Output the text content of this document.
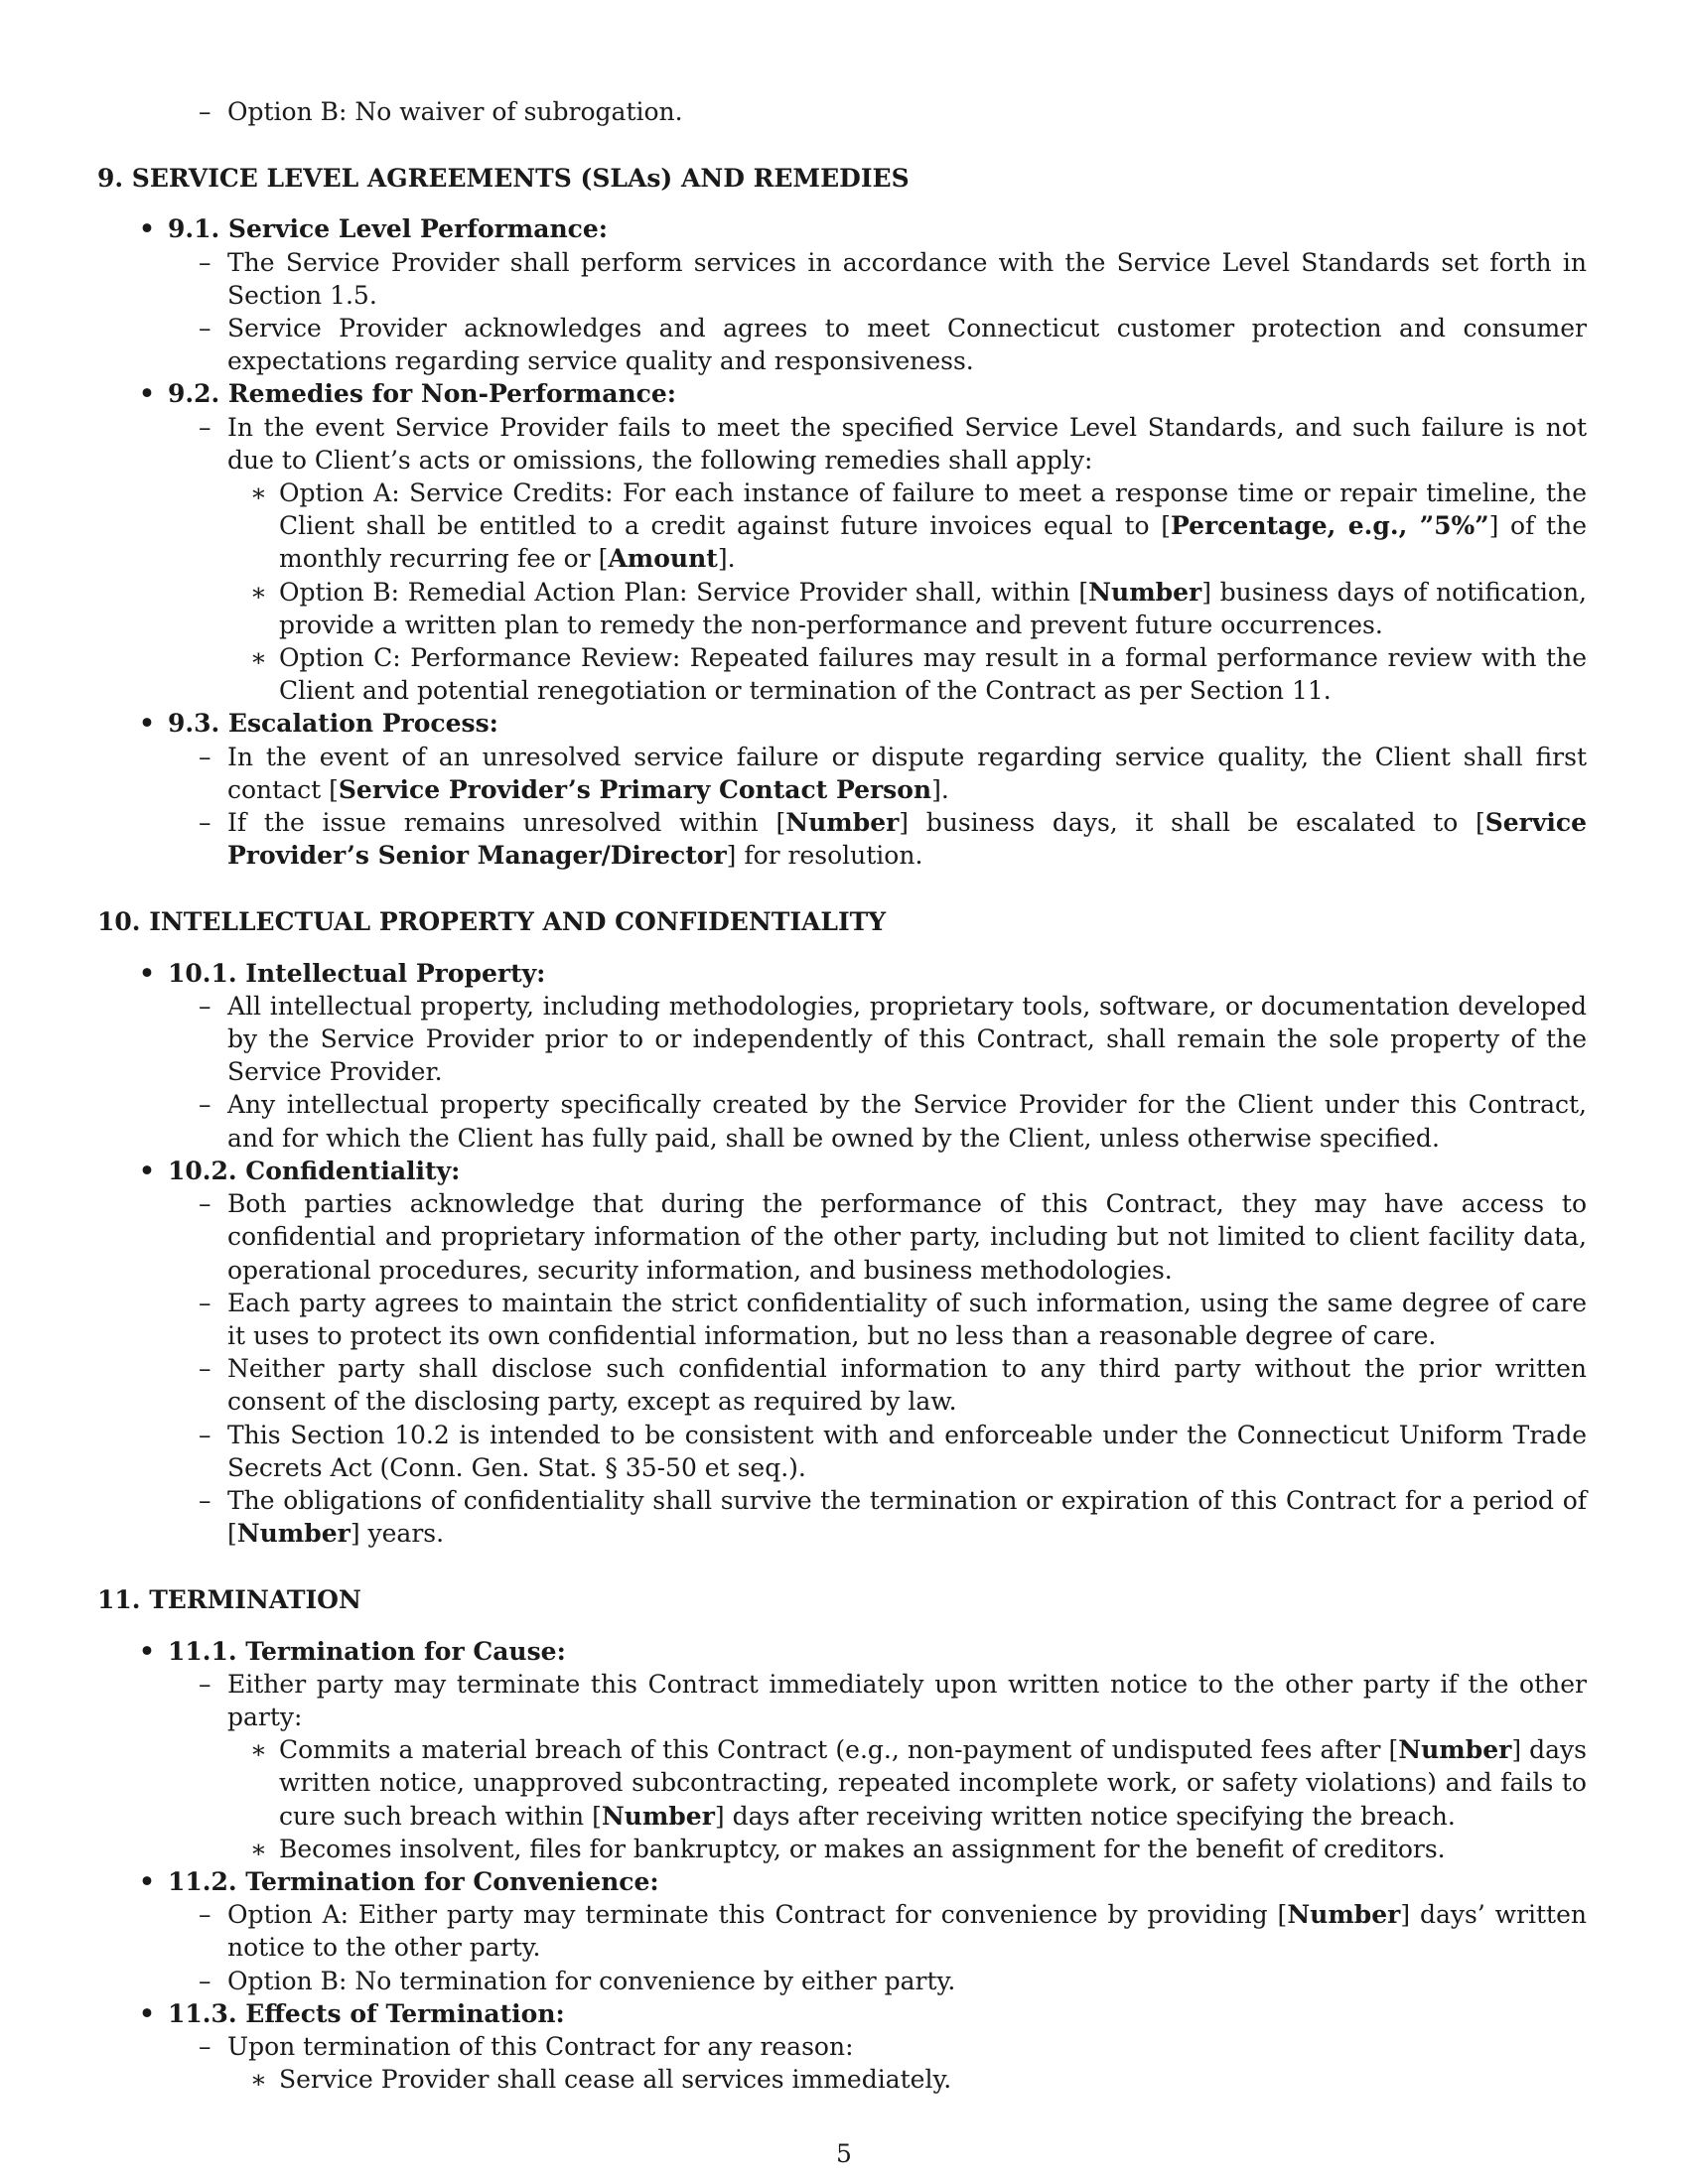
– Option B: No waiver of subrogation.
9. SERVICE LEVEL AGREEMENTS (SLAs) AND REMEDIES
• 9.1. Service Level Performance:
– The Service Provider shall perform services in accordance with the Service Level Standards set forth in Section 1.5.
– Service Provider acknowledges and agrees to meet Connecticut customer protection and consumer expectations regarding service quality and responsiveness.
• 9.2. Remedies for Non-Performance:
– In the event Service Provider fails to meet the specified Service Level Standards, and such failure is not due to Client’s acts or omissions, the following remedies shall apply:
∗ Option A: Service Credits: For each instance of failure to meet a response time or repair timeline, the Client shall be entitled to a credit against future invoices equal to [Percentage, e.g., ”5%”] of the monthly recurring fee or [Amount].
∗ Option B: Remedial Action Plan: Service Provider shall, within [Number] business days of notification, provide a written plan to remedy the non-performance and prevent future occurrences.
∗ Option C: Performance Review: Repeated failures may result in a formal performance review with the Client and potential renegotiation or termination of the Contract as per Section 11.
• 9.3. Escalation Process:
– In the event of an unresolved service failure or dispute regarding service quality, the Client shall first contact [Service Provider’s Primary Contact Person].
– If the issue remains unresolved within [Number] business days, it shall be escalated to [Service Provider’s Senior Manager/Director] for resolution.
10. INTELLECTUAL PROPERTY AND CONFIDENTIALITY
• 10.1. Intellectual Property:
– All intellectual property, including methodologies, proprietary tools, software, or documentation developed by the Service Provider prior to or independently of this Contract, shall remain the sole property of the Service Provider.
– Any intellectual property specifically created by the Service Provider for the Client under this Contract, and for which the Client has fully paid, shall be owned by the Client, unless otherwise specified.
• 10.2. Confidentiality:
– Both parties acknowledge that during the performance of this Contract, they may have access to confidential and proprietary information of the other party, including but not limited to client facility data, operational procedures, security information, and business methodologies.
– Each party agrees to maintain the strict confidentiality of such information, using the same degree of care it uses to protect its own confidential information, but no less than a reasonable degree of care.
– Neither party shall disclose such confidential information to any third party without the prior written consent of the disclosing party, except as required by law.
– This Section 10.2 is intended to be consistent with and enforceable under the Connecticut Uniform Trade Secrets Act (Conn. Gen. Stat. § 35-50 et seq.).
– The obligations of confidentiality shall survive the termination or expiration of this Contract for a period of [Number] years.
11. TERMINATION
• 11.1. Termination for Cause:
– Either party may terminate this Contract immediately upon written notice to the other party if the other party:
∗ Commits a material breach of this Contract (e.g., non-payment of undisputed fees after [Number] days written notice, unapproved subcontracting, repeated incomplete work, or safety violations) and fails to cure such breach within [Number] days after receiving written notice specifying the breach.
∗ Becomes insolvent, files for bankruptcy, or makes an assignment for the benefit of creditors.
• 11.2. Termination for Convenience:
– Option A: Either party may terminate this Contract for convenience by providing [Number] days’ written notice to the other party.
– Option B: No termination for convenience by either party.
• 11.3. Effects of Termination:
– Upon termination of this Contract for any reason:
∗ Service Provider shall cease all services immediately.
5
